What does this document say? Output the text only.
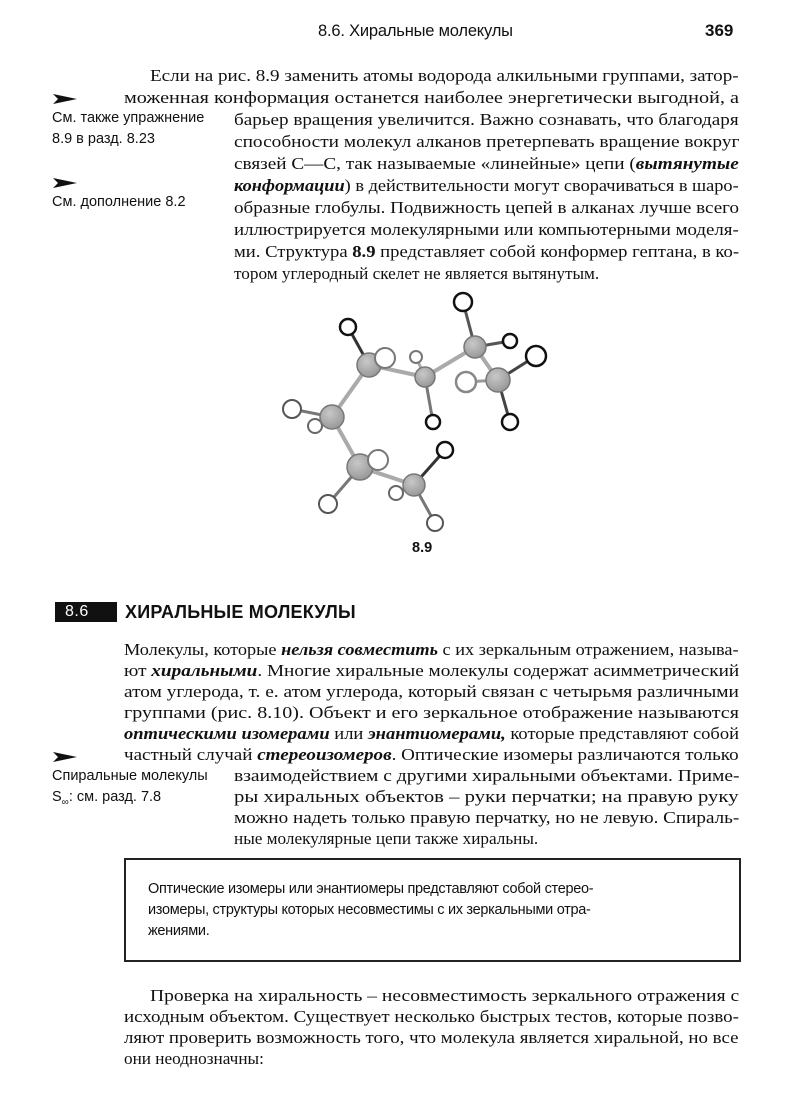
8.6. Хиральные молекулы	369
Если на рис. 8.9 заменить атомы водорода алкильными группами, затор-
моженная конформация останется наиболее энергетически выгодной, а
барьер вращения увеличится. Важно сознавать, что благодаря
способности молекул алканов претерпевать вращение вокруг
связей С—С, так называемые «линейные» цепи (вытянутые
конформации) в действительности могут сворачиваться в шаро-
образные глобулы. Подвижность цепей в алканах лучше всего
иллюстрируется молекулярными или компьютерными моделя-
ми. Структура 8.9 представляет собой конформер гептана, в ко-
тором углеродный скелет не является вытянутым.
См. также упражнение
8.9 в разд. 8.23
См. дополнение 8.2
8.9
8.6	ХИРАЛЬНЫЕ МОЛЕКУЛЫ
Молекулы, которые нельзя совместить с их зеркальным отражением, называ-
ют хиральными. Многие хиральные молекулы содержат асимметрический
атом углерода, т. е. атом углерода, который связан с четырьмя различными
группами (рис. 8.10). Объект и его зеркальное отображение называются
оптическими изомерами или энантиомерами, которые представляют собой
частный случай стереоизомеров. Оптические изомеры различаются только
взаимодействием с другими хиральными объектами. Приме-
ры хиральных объектов – руки перчатки; на правую руку
можно надеть только правую перчатку, но не левую. Спираль-
ные молекулярные цепи также хиральны.
Спиральные молекулы
$S_\infty$: см. разд. 7.8
Оптические изомеры или энантиомеры представляют собой стерео-
изомеры, структуры которых несовместимы с их зеркальными отра-
жениями.
Проверка на хиральность – несовместимость зеркального отражения с
исходным объектом. Существует несколько быстрых тестов, которые позво-
ляют проверить возможность того, что молекула является хиральной, но все
они неоднозначны:
